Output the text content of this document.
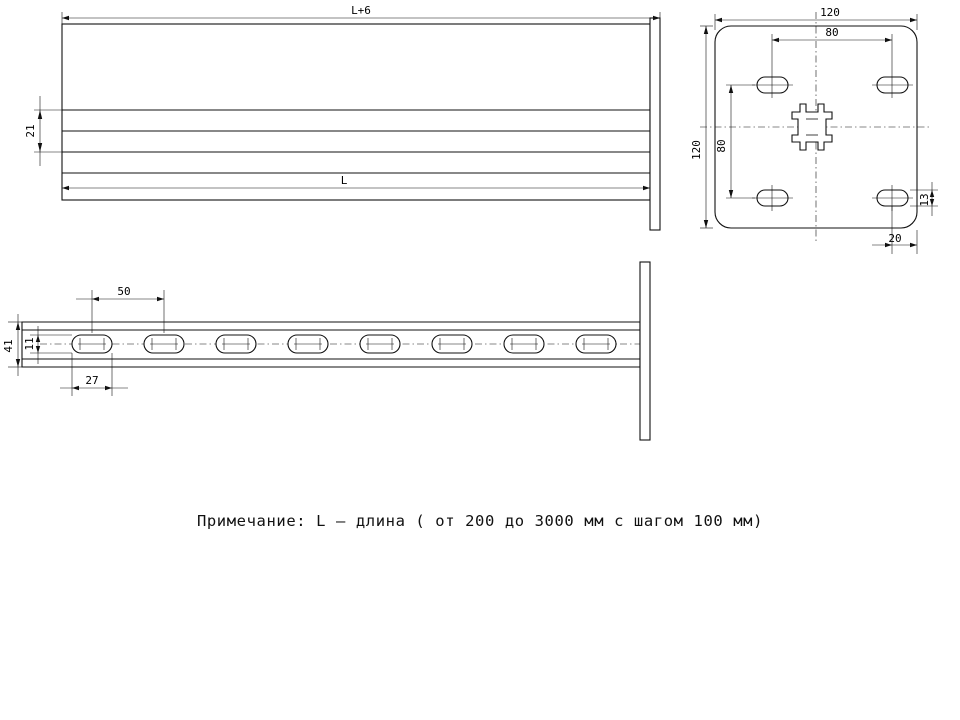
L+6
21
L
120
80
120 80
13
20
50
41 11
27
Примечание: L – длина ( от 200 до 3000 мм с шагом 100 мм)
